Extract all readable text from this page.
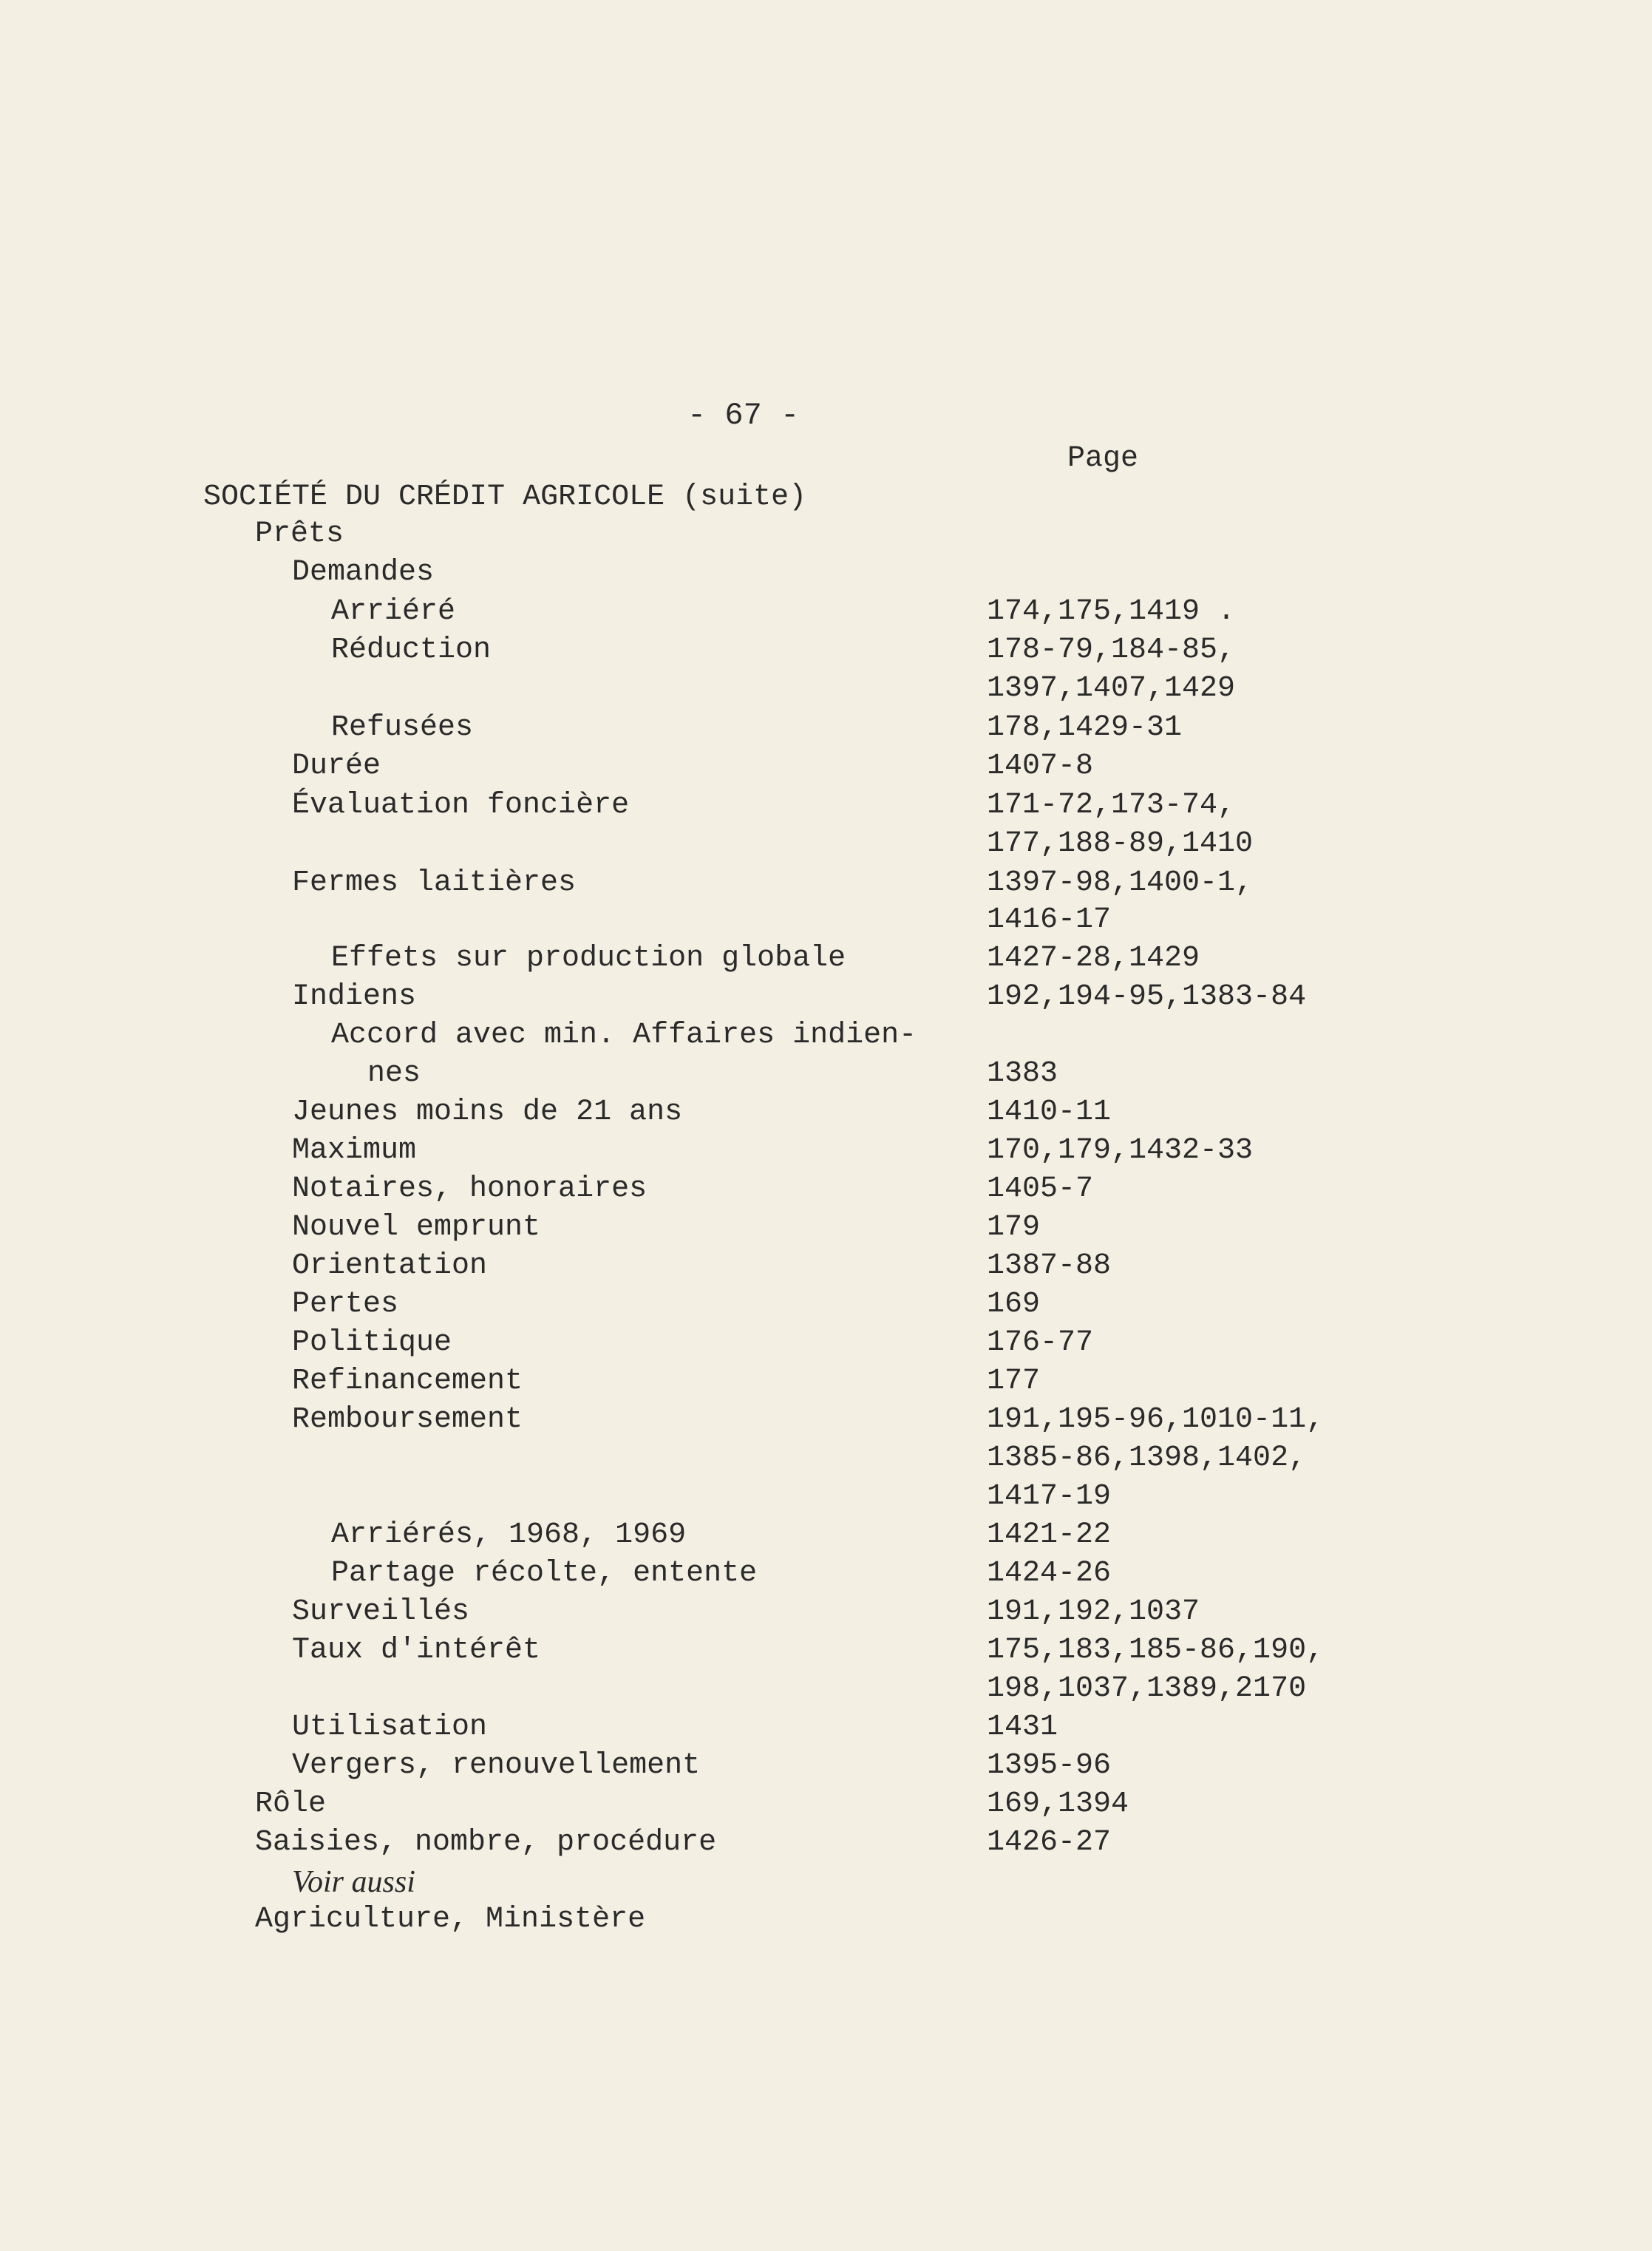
- 67 -
Page
SOCIÉTÉ DU CRÉDIT AGRICOLE (suite)
Prêts
Demandes
Arriéré
Réduction
Refusées
Durée
Évaluation foncière
Fermes laitières
Effets sur production globale
Indiens
Accord avec min. Affaires indien-
nes
Jeunes moins de 21 ans
Maximum
Notaires, honoraires
Nouvel emprunt
Orientation
Pertes
Politique
Refinancement
Remboursement
Arriérés, 1968, 1969
Partage récolte, entente
Surveillés
Taux d'intérêt
Utilisation
Vergers, renouvellement
Rôle
Saisies, nombre, procédure
Voir aussi
Agriculture, Ministère
174,175,1419 .
178-79,184-85,
1397,1407,1429
178,1429-31
1407-8
171-72,173-74,
177,188-89,1410
1397-98,1400-1,
1416-17
1427-28,1429
192,194-95,1383-84
1383
1410-11
170,179,1432-33
1405-7
179
1387-88
169
176-77
177
191,195-96,1010-11,
1385-86,1398,1402,
1417-19
1421-22
1424-26
191,192,1037
175,183,185-86,190,
198,1037,1389,2170
1431
1395-96
169,1394
1426-27
